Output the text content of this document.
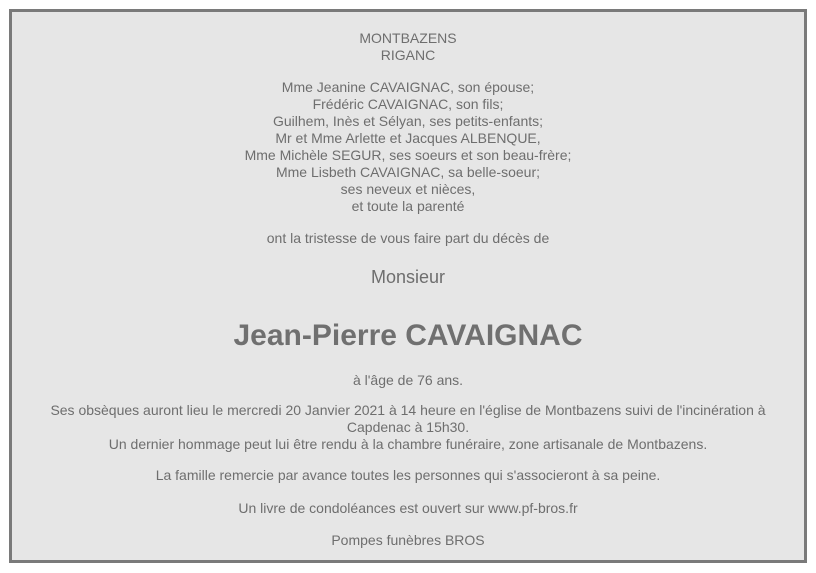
MONTBAZENS
RIGANC
Mme Jeanine CAVAIGNAC, son épouse;
Frédéric CAVAIGNAC, son fils;
Guilhem, Inès et Sélyan, ses petits-enfants;
Mr et Mme Arlette et Jacques ALBENQUE,
Mme Michèle SEGUR, ses soeurs et son beau-frère;
Mme Lisbeth CAVAIGNAC, sa belle-soeur;
ses neveux et nièces,
et toute la parenté
ont la tristesse de vous faire part du décès de
Monsieur
Jean-Pierre CAVAIGNAC
à l'âge de 76 ans.
Ses obsèques auront lieu le mercredi 20 Janvier 2021 à 14 heure en l'église de Montbazens suivi de l'incinération à Capdenac à 15h30.
Un dernier hommage peut lui être rendu à la chambre funéraire, zone artisanale de Montbazens.
La famille remercie par avance toutes les personnes qui s'associeront à sa peine.
Un livre de condoléances est ouvert sur www.pf-bros.fr
Pompes funèbres BROS
